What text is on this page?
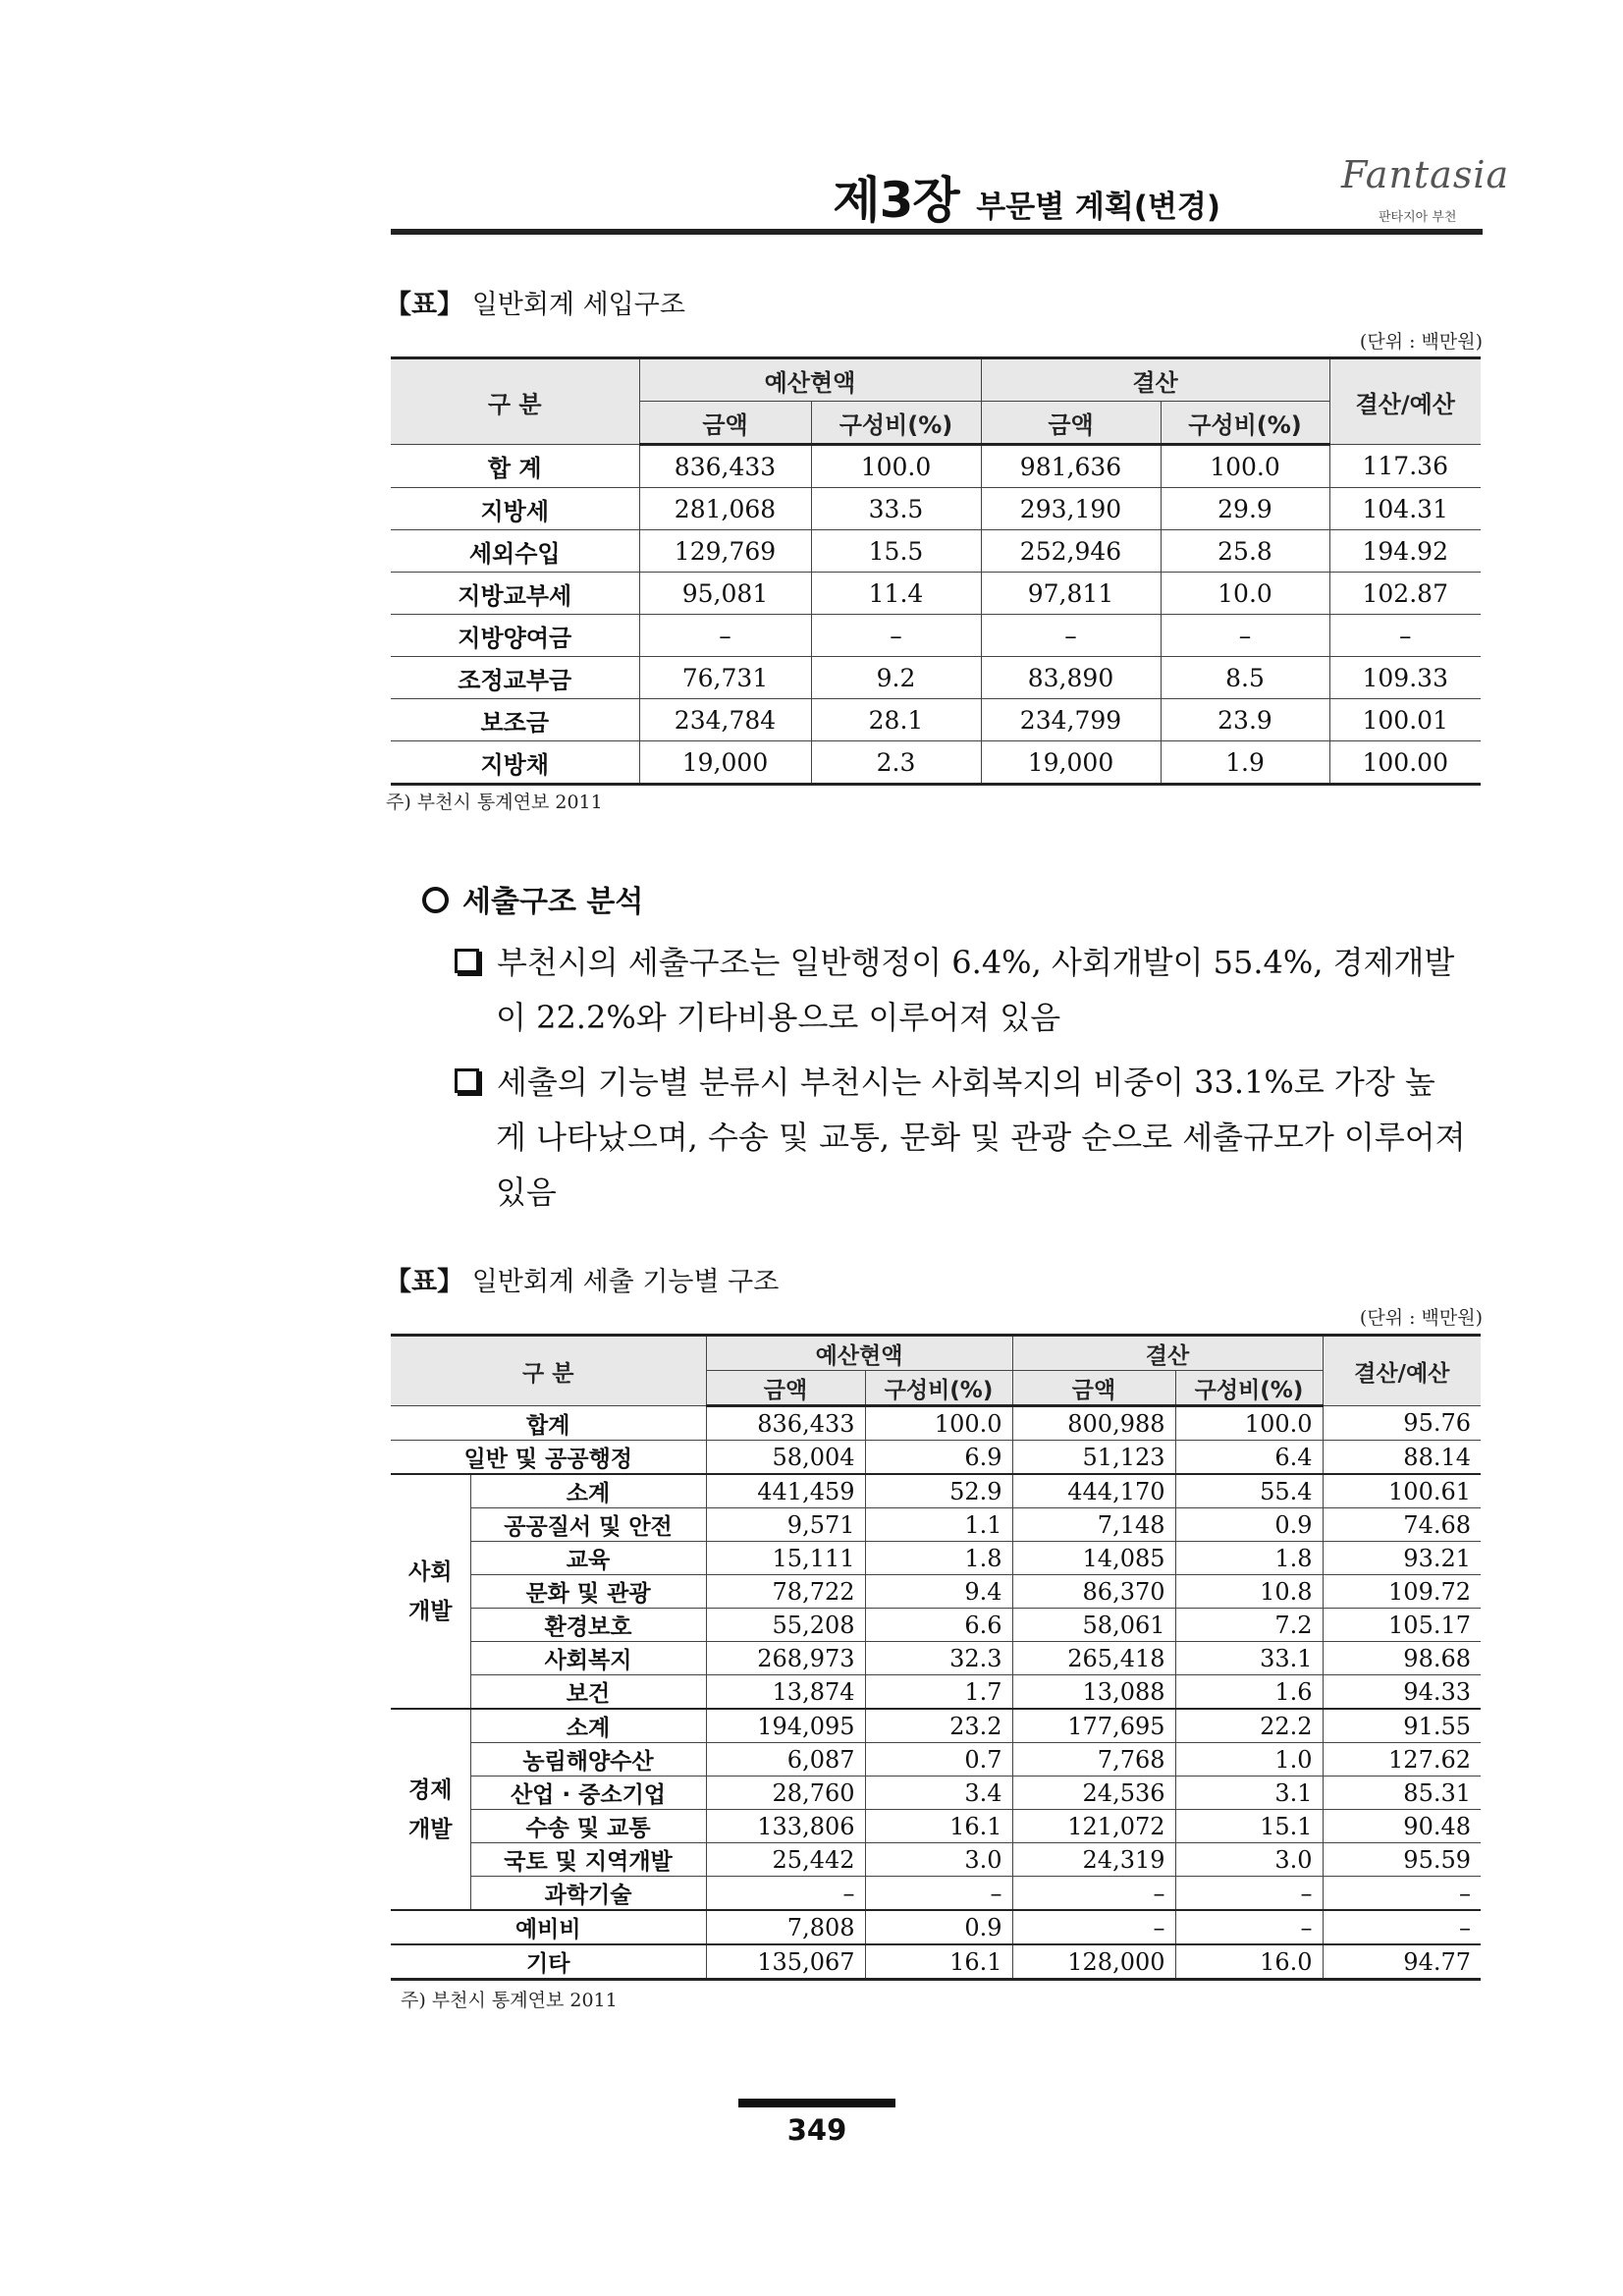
제3장 부문별 계획(변경)
Fantasia
판타지아 부천
【표】 일반회계 세입구조
(단위 : 백만원)
구 분	예산현액		결산		결산/예산
	금액	구성비(%)	금액	구성비(%)	
합 계	836,433	100.0	981,636	100.0	117.36
지방세	281,068	33.5	293,190	29.9	104.31
세외수입	129,769	15.5	252,946	25.8	194.92
지방교부세	95,081	11.4	97,811	10.0	102.87
지방양여금	–	–	–	–	–
조정교부금	76,731	9.2	83,890	8.5	109.33
보조금	234,784	28.1	234,799	23.9	100.01
지방채	19,000	2.3	19,000	1.9	100.00
주) 부천시 통계연보 2011
세출구조 분석
부천시의 세출구조는 일반행정이 6.4%, 사회개발이 55.4%, 경제개발
이 22.2%와 기타비용으로 이루어져 있음
세출의 기능별 분류시 부천시는 사회복지의 비중이 33.1%로 가장 높
게 나타났으며, 수송 및 교통, 문화 및 관광 순으로 세출규모가 이루어져
있음
【표】 일반회계 세출 기능별 구조
(단위 : 백만원)
구 분		예산현액		결산		결산/예산
		금액	구성비(%)	금액	구성비(%)	
합계		836,433	100.0	800,988	100.0	95.76
일반 및 공공행정		58,004	6.9	51,123	6.4	88.14
사회
개발	소계	441,459	52.9	444,170	55.4	100.61
	공공질서 및 안전	9,571	1.1	7,148	0.9	74.68
	교육	15,111	1.8	14,085	1.8	93.21
	문화 및 관광	78,722	9.4	86,370	10.8	109.72
	환경보호	55,208	6.6	58,061	7.2	105.17
	사회복지	268,973	32.3	265,418	33.1	98.68
	보건	13,874	1.7	13,088	1.6	94.33
경제
개발	소계	194,095	23.2	177,695	22.2	91.55
	농림해양수산	6,087	0.7	7,768	1.0	127.62
	산업 · 중소기업	28,760	3.4	24,536	3.1	85.31
	수송 및 교통	133,806	16.1	121,072	15.1	90.48
	국토 및 지역개발	25,442	3.0	24,319	3.0	95.59
	과학기술	–	–	–	–	–
예비비		7,808	0.9	–	–	–
기타		135,067	16.1	128,000	16.0	94.77
주) 부천시 통계연보 2011
349
